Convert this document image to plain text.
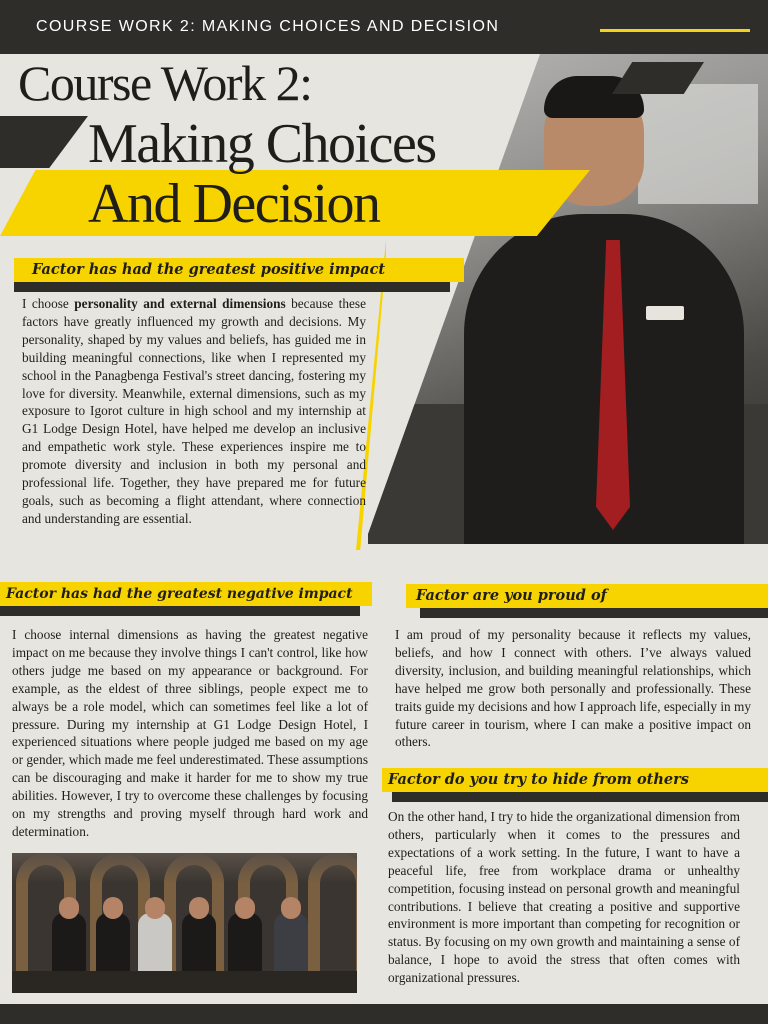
COURSE WORK 2: MAKING CHOICES AND DECISION
Course Work 2:
Making Choices
And Decision
Factor has had the greatest positive impact
I choose personality and external dimensions because these factors have greatly influenced my growth and decisions. My personality, shaped by my values and beliefs, has guided me in building meaningful connections, like when I represented my school in the Panagbenga Festival's street dancing, fostering my love for diversity. Meanwhile, external dimensions, such as my exposure to Igorot culture in high school and my internship at G1 Lodge Design Hotel, have helped me develop an inclusive and empathetic work style. These experiences inspire me to promote diversity and inclusion in both my personal and professional life. Together, they have prepared me for future goals, such as becoming a flight attendant, where connection and understanding are essential.
Factor has had the greatest negative impact
I choose internal dimensions as having the greatest negative impact on me because they involve things I can't control, like how others judge me based on my appearance or background. For example, as the eldest of three siblings, people expect me to always be a role model, which can sometimes feel like a lot of pressure. During my internship at G1 Lodge Design Hotel, I experienced situations where people judged me based on my age or gender, which made me feel underestimated. These assumptions can be discouraging and make it harder for me to show my true abilities. However, I try to overcome these challenges by focusing on my strengths and proving myself through hard work and determination.
Factor are you proud of
I am proud of my personality because it reflects my values, beliefs, and how I connect with others. I’ve always valued diversity, inclusion, and building meaningful relationships, which have helped me grow both personally and professionally. These traits guide my decisions and how I approach life, especially in my future career in tourism, where I can make a positive impact on others.
Factor do you try to hide from others
On the other hand, I try to hide the organizational dimension from others, particularly when it comes to the pressures and expectations of a work setting. In the future, I want to have a peaceful life, free from workplace drama or unhealthy competition, focusing instead on personal growth and meaningful contributions. I believe that creating a positive and supportive environment is more important than competing for recognition or status. By focusing on my own growth and maintaining a sense of balance, I hope to avoid the stress that often comes with organizational pressures.
